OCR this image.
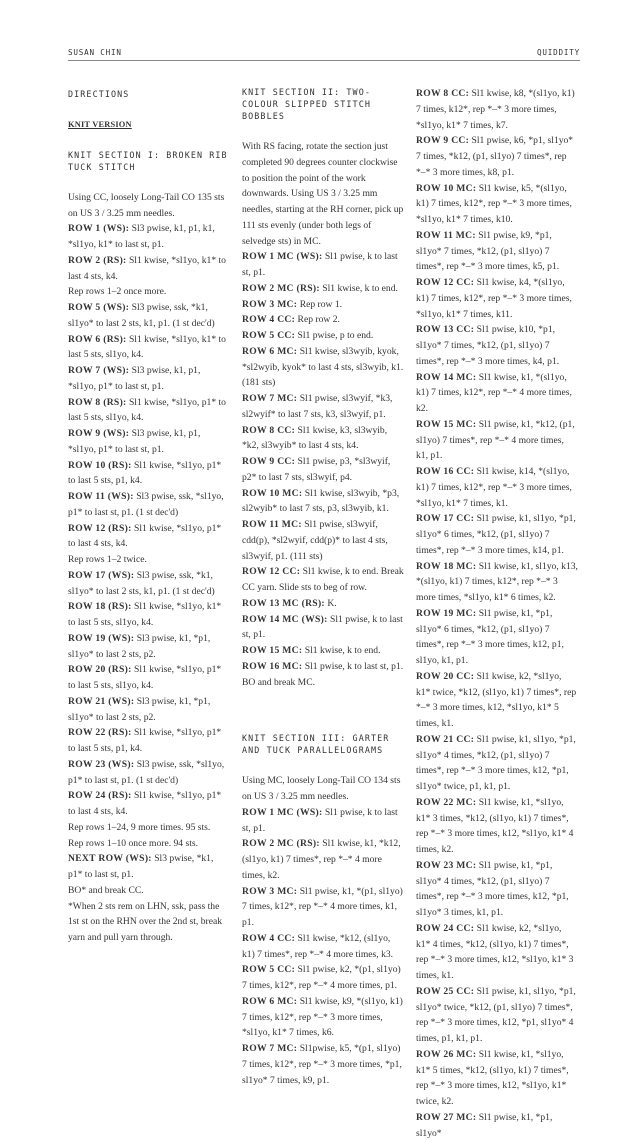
SUSAN CHIN	QUIDDITY
DIRECTIONS
KNIT VERSION
KNIT SECTION I: BROKEN RIB TUCK STITCH

Using CC, loosely Long-Tail CO 135 sts on US 3 / 3.25 mm needles.

ROW 1 (WS): Sl3 pwise, k1, p1, k1, *sl1yo, k1* to last st, p1.

ROW 2 (RS): Sl1 kwise, *sl1yo, k1* to last 4 sts, k4.

Rep rows 1–2 once more.

ROW 5 (WS): Sl3 pwise, ssk, *k1, sl1yo* to last 2 sts, k1, p1. (1 st dec'd)

ROW 6 (RS): Sl1 kwise, *sl1yo, k1* to last 5 sts, sl1yo, k4.

ROW 7 (WS): Sl3 pwise, k1, p1, *sl1yo, p1* to last st, p1.

ROW 8 (RS): Sl1 kwise, *sl1yo, p1* to last 5 sts, sl1yo, k4.

ROW 9 (WS): Sl3 pwise, k1, p1, *sl1yo, p1* to last st, p1.

ROW 10 (RS): Sl1 kwise, *sl1yo, p1* to last 5 sts, p1, k4.

ROW 11 (WS): Sl3 pwise, ssk, *sl1yo, p1* to last st, p1. (1 st dec'd)

ROW 12 (RS): Sl1 kwise, *sl1yo, p1* to last 4 sts, k4.

Rep rows 1–2 twice.

ROW 17 (WS): Sl3 pwise, ssk, *k1, sl1yo* to last 2 sts, k1, p1. (1 st dec'd)

ROW 18 (RS): Sl1 kwise, *sl1yo, k1* to last 5 sts, sl1yo, k4.

ROW 19 (WS): Sl3 pwise, k1, *p1, sl1yo* to last 2 sts, p2.

ROW 20 (RS): Sl1 kwise, *sl1yo, p1* to last 5 sts, sl1yo, k4.

ROW 21 (WS): Sl3 pwise, k1, *p1, sl1yo* to last 2 sts, p2.

ROW 22 (RS): Sl1 kwise, *sl1yo, p1* to last 5 sts, p1, k4.

ROW 23 (WS): Sl3 pwise, ssk, *sl1yo, p1* to last st, p1. (1 st dec'd)

ROW 24 (RS): Sl1 kwise, *sl1yo, p1* to last 4 sts, k4.

Rep rows 1–24, 9 more times. 95 sts.

Rep rows 1–10 once more. 94 sts.

NEXT ROW (WS): Sl3 pwise, *k1, p1* to last st, p1.

BO* and break CC.

*When 2 sts rem on LHN, ssk, pass the 1st st on the RHN over the 2nd st, break yarn and pull yarn through.

KNIT SECTION II: TWO-COLOUR SLIPPED STITCH BOBBLES

With RS facing, rotate the section just completed 90 degrees counter clockwise to position the point of the work downwards. Using US 3 / 3.25 mm needles, starting at the RH corner, pick up 111 sts evenly (under both legs of selvedge sts) in MC.

ROW 1 MC (WS): Sl1 pwise, k to last st, p1.

ROW 2 MC (RS): Sl1 kwise, k to end.

ROW 3 MC: Rep row 1.

ROW 4 CC: Rep row 2.

ROW 5 CC: Sl1 pwise, p to end.

ROW 6 MC: Sl1 kwise, sl3wyib, kyok, *sl2wyib, kyok* to last 4 sts, sl3wyib, k1. (181 sts)

ROW 7 MC: Sl1 pwise, sl3wyif, *k3, sl2wyif* to last 7 sts, k3, sl3wyif, p1.

ROW 8 CC: Sl1 kwise, k3, sl3wyib, *k2, sl3wyib* to last 4 sts, k4.

ROW 9 CC: Sl1 pwise, p3, *sl3wyif, p2* to last 7 sts, sl3wyif, p4.

ROW 10 MC: Sl1 kwise, sl3wyib, *p3, sl2wyib* to last 7 sts, p3, sl3wyib, k1.

ROW 11 MC: Sl1 pwise, sl3wyif, cdd(p), *sl2wyif, cdd(p)* to last 4 sts, sl3wyif, p1. (111 sts)

ROW 12 CC: Sl1 kwise, k to end. Break CC yarn. Slide sts to beg of row.

ROW 13 MC (RS): K.

ROW 14 MC (WS): Sl1 pwise, k to last st, p1.

ROW 15 MC: Sl1 kwise, k to end.

ROW 16 MC: Sl1 pwise, k to last st, p1.

BO and break MC.

KNIT SECTION III: GARTER AND TUCK PARALLELOGRAMS

Using MC, loosely Long-Tail CO 134 sts on US 3 / 3.25 mm needles.

ROW 1 MC (WS): Sl1 pwise, k to last st, p1.

ROW 2 MC (RS): Sl1 kwise, k1, *k12, (sl1yo, k1) 7 times*, rep *–* 4 more times, k2.

ROW 3 MC: Sl1 pwise, k1, *(p1, sl1yo) 7 times, k12*, rep *–* 4 more times, k1, p1.

ROW 4 CC: Sl1 kwise, *k12, (sl1yo, k1) 7 times*, rep *–* 4 more times, k3.

ROW 5 CC: Sl1 pwise, k2, *(p1, sl1yo) 7 times, k12*, rep *–* 4 more times, p1.

ROW 6 MC: Sl1 kwise, k9, *(sl1yo, k1) 7 times, k12*, rep *–* 3 more times, *sl1yo, k1* 7 times, k6.

ROW 7 MC: Sl1pwise, k5, *(p1, sl1yo) 7 times, k12*, rep *–* 3 more times, *p1, sl1yo* 7 times, k9, p1.

ROW 8 CC: Sl1 kwise, k8, *(sl1yo, k1) 7 times, k12*, rep *–* 3 more times, *sl1yo, k1* 7 times, k7.

ROW 9 CC: Sl1 pwise, k6, *p1, sl1yo* 7 times, *k12, (p1, sl1yo) 7 times*, rep *–* 3 more times, k8, p1.

ROW 10 MC: Sl1 kwise, k5, *(sl1yo, k1) 7 times, k12*, rep *–* 3 more times, *sl1yo, k1* 7 times, k10.

ROW 11 MC: Sl1 pwise, k9, *p1, sl1yo* 7 times, *k12, (p1, sl1yo) 7 times*, rep *–* 3 more times, k5, p1.

ROW 12 CC: Sl1 kwise, k4, *(sl1yo, k1) 7 times, k12*, rep *–* 3 more times, *sl1yo, k1* 7 times, k11.

ROW 13 CC: Sl1 pwise, k10, *p1, sl1yo* 7 times, *k12, (p1, sl1yo) 7 times*, rep *–* 3 more times, k4, p1.

ROW 14 MC: Sl1 kwise, k1, *(sl1yo, k1) 7 times, k12*, rep *–* 4 more times, k2.

ROW 15 MC: Sl1 pwise, k1, *k12, (p1, sl1yo) 7 times*, rep *–* 4 more times, k1, p1.

ROW 16 CC: Sl1 kwise, k14, *(sl1yo, k1) 7 times, k12*, rep *–* 3 more times, *sl1yo, k1* 7 times, k1.

ROW 17 CC: Sl1 pwise, k1, sl1yo, *p1, sl1yo* 6 times, *k12, (p1, sl1yo) 7 times*, rep *–* 3 more times, k14, p1.

ROW 18 MC: Sl1 kwise, k1, sl1yo, k13, *(sl1yo, k1) 7 times, k12*, rep *–* 3 more times, *sl1yo, k1* 6 times, k2.

ROW 19 MC: Sl1 pwise, k1, *p1, sl1yo* 6 times, *k12, (p1, sl1yo) 7 times*, rep *–* 3 more times, k12, p1, sl1yo, k1, p1.

ROW 20 CC: Sl1 kwise, k2, *sl1yo, k1* twice, *k12, (sl1yo, k1) 7 times*, rep *–* 3 more times, k12, *sl1yo, k1* 5 times, k1.

ROW 21 CC: Sl1 pwise, k1, sl1yo, *p1, sl1yo* 4 times, *k12, (p1, sl1yo) 7 times*, rep *–* 3 more times, k12, *p1, sl1yo* twice, p1, k1, p1.

ROW 22 MC: Sl1 kwise, k1, *sl1yo, k1* 3 times, *k12, (sl1yo, k1) 7 times*, rep *–* 3 more times, k12, *sl1yo, k1* 4 times, k2.

ROW 23 MC: Sl1 pwise, k1, *p1, sl1yo* 4 times, *k12, (p1, sl1yo) 7 times*, rep *–* 3 more times, k12, *p1, sl1yo* 3 times, k1, p1.

ROW 24 CC: Sl1 kwise, k2, *sl1yo, k1* 4 times, *k12, (sl1yo, k1) 7 times*, rep *–* 3 more times, k12, *sl1yo, k1* 3 times, k1.

ROW 25 CC: Sl1 pwise, k1, sl1yo, *p1, sl1yo* twice, *k12, (p1, sl1yo) 7 times*, rep *–* 3 more times, k12, *p1, sl1yo* 4 times, p1, k1, p1.

ROW 26 MC: Sl1 kwise, k1, *sl1yo, k1* 5 times, *k12, (sl1yo, k1) 7 times*, rep *–* 3 more times, k12, *sl1yo, k1* twice, k2.

ROW 27 MC: Sl1 pwise, k1, *p1, sl1yo*
